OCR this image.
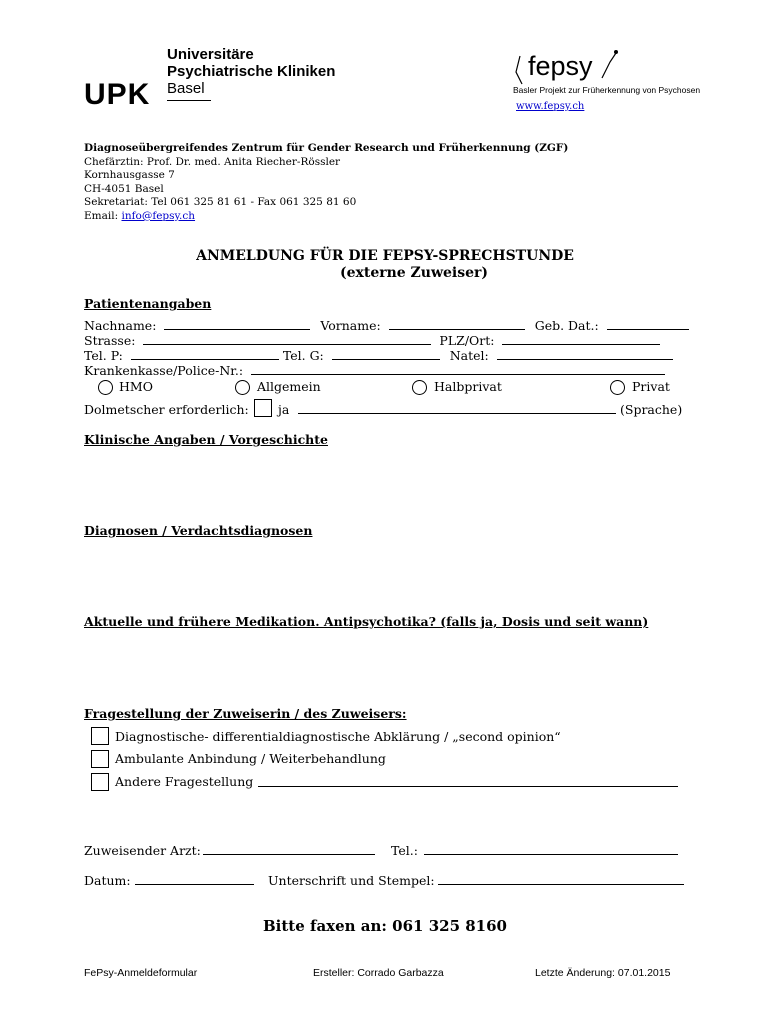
UPK
Universitäre
Psychiatrische Kliniken
Basel
fepsy
Basler Projekt zur Früherkennung von Psychosen
www.fepsy.ch
Diagnoseübergreifendes Zentrum für Gender Research und Früherkennung (ZGF)
Chefärztin: Prof. Dr. med. Anita Riecher-Rössler
Kornhausgasse 7
CH-4051 Basel
Sekretariat: Tel 061 325 81 61 - Fax 061 325 81 60
Email: info@fepsy.ch
ANMELDUNG FÜR DIE FEPSY-SPRECHSTUNDE
(externe Zuweiser)
Patientenangaben
Nachname:	Vorname:	Geb. Dat.:
Strasse:	PLZ/Ort:
Tel. P:	Tel. G:	Natel:
Krankenkasse/Police-Nr.:
HMO	Allgemein	Halbprivat	Privat
Dolmetscher erforderlich: ja	(Sprache)
Klinische Angaben / Vorgeschichte
Diagnosen / Verdachtsdiagnosen
Aktuelle und frühere Medikation. Antipsychotika? (falls ja, Dosis und seit wann)
Fragestellung der Zuweiserin / des Zuweisers:
Diagnostische- differentialdiagnostische Abklärung / „second opinion“
Ambulante Anbindung / Weiterbehandlung
Andere Fragestellung
Zuweisender Arzt:	Tel.:
Datum:	Unterschrift und Stempel:
Bitte faxen an: 061 325 8160
FePsy-Anmeldeformular	Ersteller: Corrado Garbazza	Letzte Änderung: 07.01.2015
